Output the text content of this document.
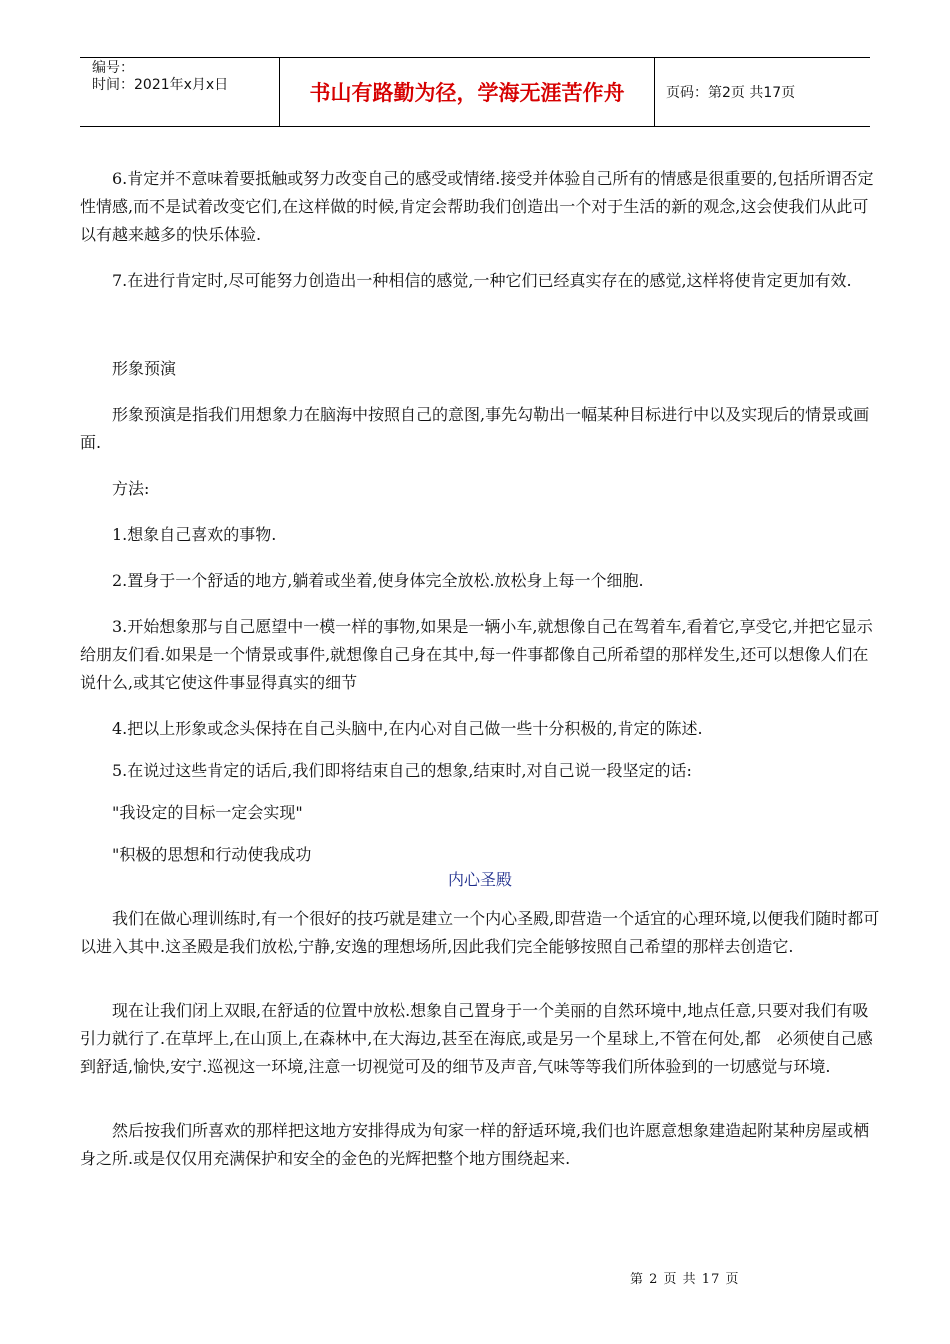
编号：
时间：2021年x月x日	书山有路勤为径，学海无涯苦作舟	页码：第2页 共17页

6.肯定并不意味着要抵触或努力改变自己的感受或情绪.接受并体验自己所有的情感是很重要的,包括所谓否定性情感,而不是试着改变它们,在这样做的时候,肯定会帮助我们创造出一个对于生活的新的观念,这会使我们从此可以有越来越多的快乐体验.

7.在进行肯定时,尽可能努力创造出一种相信的感觉,一种它们已经真实存在的感觉,这样将使肯定更加有效.

形象预演

形象预演是指我们用想象力在脑海中按照自己的意图,事先勾勒出一幅某种目标进行中以及实现后的情景或画面.

方法:

1.想象自己喜欢的事物.

2.置身于一个舒适的地方,躺着或坐着,使身体完全放松.放松身上每一个细胞.

3.开始想象那与自己愿望中一模一样的事物,如果是一辆小车,就想像自己在驾着车,看着它,享受它,并把它显示给朋友们看.如果是一个情景或事件,就想像自己身在其中,每一件事都像自己所希望的那样发生,还可以想像人们在说什么,或其它使这件事显得真实的细节

4.把以上形象或念头保持在自己头脑中,在内心对自己做一些十分积极的,肯定的陈述.

5.在说过这些肯定的话后,我们即将结束自己的想象,结束时,对自己说一段坚定的话:

"我设定的目标一定会实现"

"积极的思想和行动使我成功

内心圣殿

我们在做心理训练时,有一个很好的技巧就是建立一个内心圣殿,即营造一个适宜的心理环境,以便我们随时都可以进入其中.这圣殿是我们放松,宁静,安逸的理想场所,因此我们完全能够按照自己希望的那样去创造它.

现在让我们闭上双眼,在舒适的位置中放松.想象自己置身于一个美丽的自然环境中,地点任意,只要对我们有吸引力就行了.在草坪上,在山顶上,在森林中,在大海边,甚至在海底,或是另一个星球上,不管在何处,都　必须使自己感到舒适,愉快,安宁.巡视这一环境,注意一切视觉可及的细节及声音,气味等等我们所体验到的一切感觉与环境.

然后按我们所喜欢的那样把这地方安排得成为旬家一样的舒适环境,我们也许愿意想象建造起附某种房屋或栖身之所.或是仅仅用充满保护和安全的金色的光辉把整个地方围绕起来.

第 2 页 共 17 页
